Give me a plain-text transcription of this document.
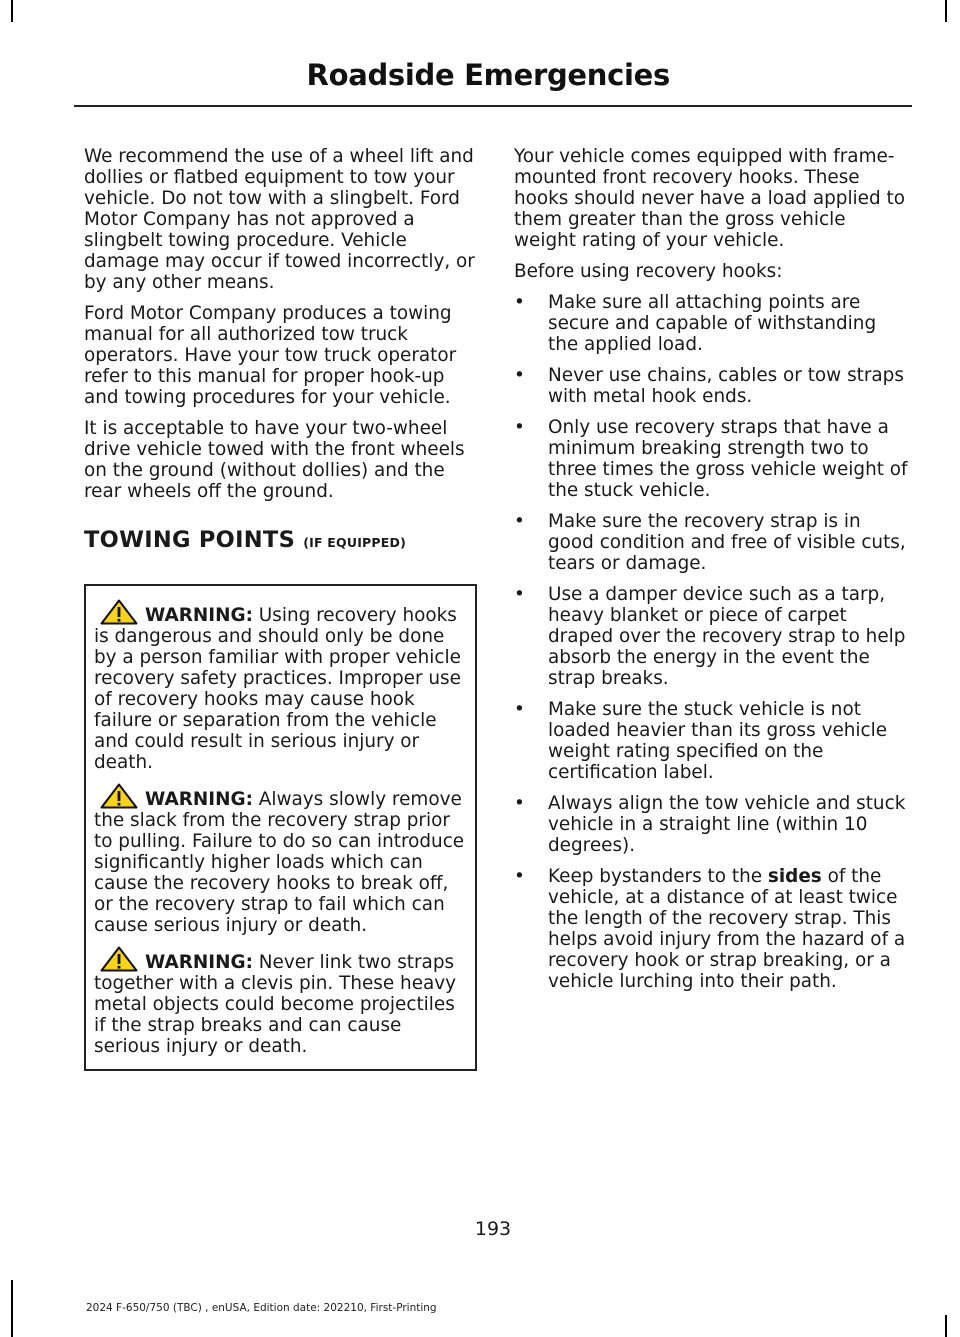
Roadside Emergencies

We recommend the use of a wheel lift and dollies or flatbed equipment to tow your vehicle. Do not tow with a slingbelt. Ford Motor Company has not approved a slingbelt towing procedure. Vehicle damage may occur if towed incorrectly, or by any other means.

Ford Motor Company produces a towing manual for all authorized tow truck operators. Have your tow truck operator refer to this manual for proper hook-up and towing procedures for your vehicle.

It is acceptable to have your two-wheel drive vehicle towed with the front wheels on the ground (without dollies) and the rear wheels off the ground.

TOWING POINTS (IF EQUIPPED)

WARNING: Using recovery hooks is dangerous and should only be done by a person familiar with proper vehicle recovery safety practices. Improper use of recovery hooks may cause hook failure or separation from the vehicle and could result in serious injury or death.

WARNING: Always slowly remove the slack from the recovery strap prior to pulling. Failure to do so can introduce significantly higher loads which can cause the recovery hooks to break off, or the recovery strap to fail which can cause serious injury or death.

WARNING: Never link two straps together with a clevis pin. These heavy metal objects could become projectiles if the strap breaks and can cause serious injury or death.

Your vehicle comes equipped with frame-mounted front recovery hooks. These hooks should never have a load applied to them greater than the gross vehicle weight rating of your vehicle.

Before using recovery hooks:

• Make sure all attaching points are secure and capable of withstanding the applied load.
• Never use chains, cables or tow straps with metal hook ends.
• Only use recovery straps that have a minimum breaking strength two to three times the gross vehicle weight of the stuck vehicle.
• Make sure the recovery strap is in good condition and free of visible cuts, tears or damage.
• Use a damper device such as a tarp, heavy blanket or piece of carpet draped over the recovery strap to help absorb the energy in the event the strap breaks.
• Make sure the stuck vehicle is not loaded heavier than its gross vehicle weight rating specified on the certification label.
• Always align the tow vehicle and stuck vehicle in a straight line (within 10 degrees).
• Keep bystanders to the sides of the vehicle, at a distance of at least twice the length of the recovery strap. This helps avoid injury from the hazard of a recovery hook or strap breaking, or a vehicle lurching into their path.
193
2024 F-650/750 (TBC) , enUSA, Edition date: 202210, First-Printing
